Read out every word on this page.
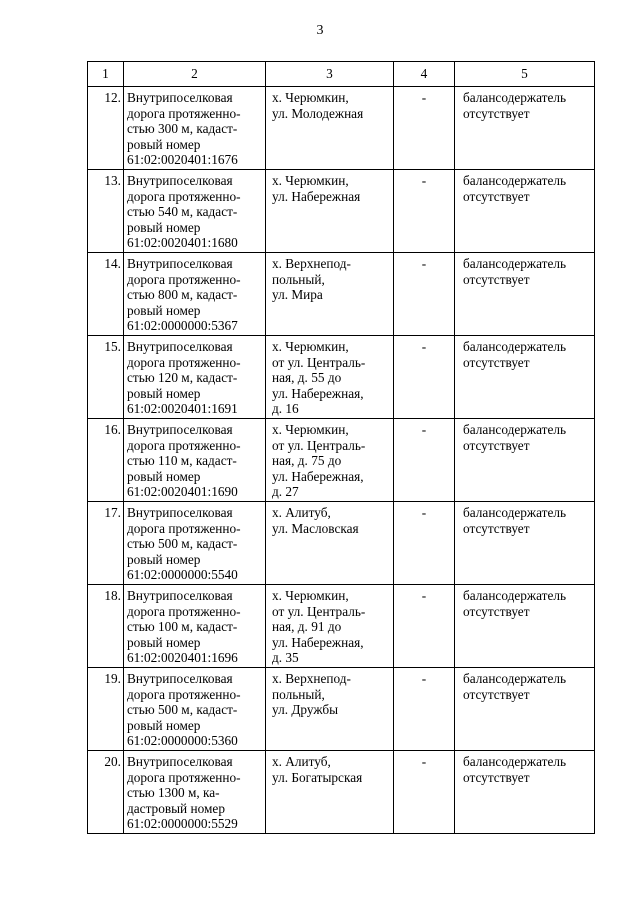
3
1	2	3	4	5
12.	Внутрипоселковая
дорога протяженно-
стью 300 м, кадаст-
ровый номер
61:02:0020401:1676	х. Черюмкин,
ул. Молодежная	-	балансодержатель
отсутствует

13.	Внутрипоселковая
дорога протяженно-
стью 540 м, кадаст-
ровый номер
61:02:0020401:1680	х. Черюмкин,
ул. Набережная	-	балансодержатель
отсутствует

14.	Внутрипоселковая
дорога протяженно-
стью 800 м, кадаст-
ровый номер
61:02:0000000:5367	х. Верхнепод-
польный,
ул. Мира	-	балансодержатель
отсутствует

15.	Внутрипоселковая
дорога протяженно-
стью 120 м, кадаст-
ровый номер
61:02:0020401:1691	х. Черюмкин,
от ул. Централь-
ная, д. 55 до
ул. Набережная,
д. 16	-	балансодержатель
отсутствует

16.	Внутрипоселковая
дорога протяженно-
стью 110 м, кадаст-
ровый номер
61:02:0020401:1690	х. Черюмкин,
от ул. Централь-
ная, д. 75 до
ул. Набережная,
д. 27	-	балансодержатель
отсутствует

17.	Внутрипоселковая
дорога протяженно-
стью 500 м, кадаст-
ровый номер
61:02:0000000:5540	х. Алитуб,
ул. Масловская	-	балансодержатель
отсутствует

18.	Внутрипоселковая
дорога протяженно-
стью 100 м, кадаст-
ровый номер
61:02:0020401:1696	х. Черюмкин,
от ул. Централь-
ная, д. 91 до
ул. Набережная,
д. 35	-	балансодержатель
отсутствует

19.	Внутрипоселковая
дорога протяженно-
стью 500 м, кадаст-
ровый номер
61:02:0000000:5360	х. Верхнепод-
польный,
ул. Дружбы	-	балансодержатель
отсутствует

20.	Внутрипоселковая
дорога протяженно-
стью 1300 м, ка-
дастровый номер
61:02:0000000:5529	х. Алитуб,
ул. Богатырская	-	балансодержатель
отсутствует
